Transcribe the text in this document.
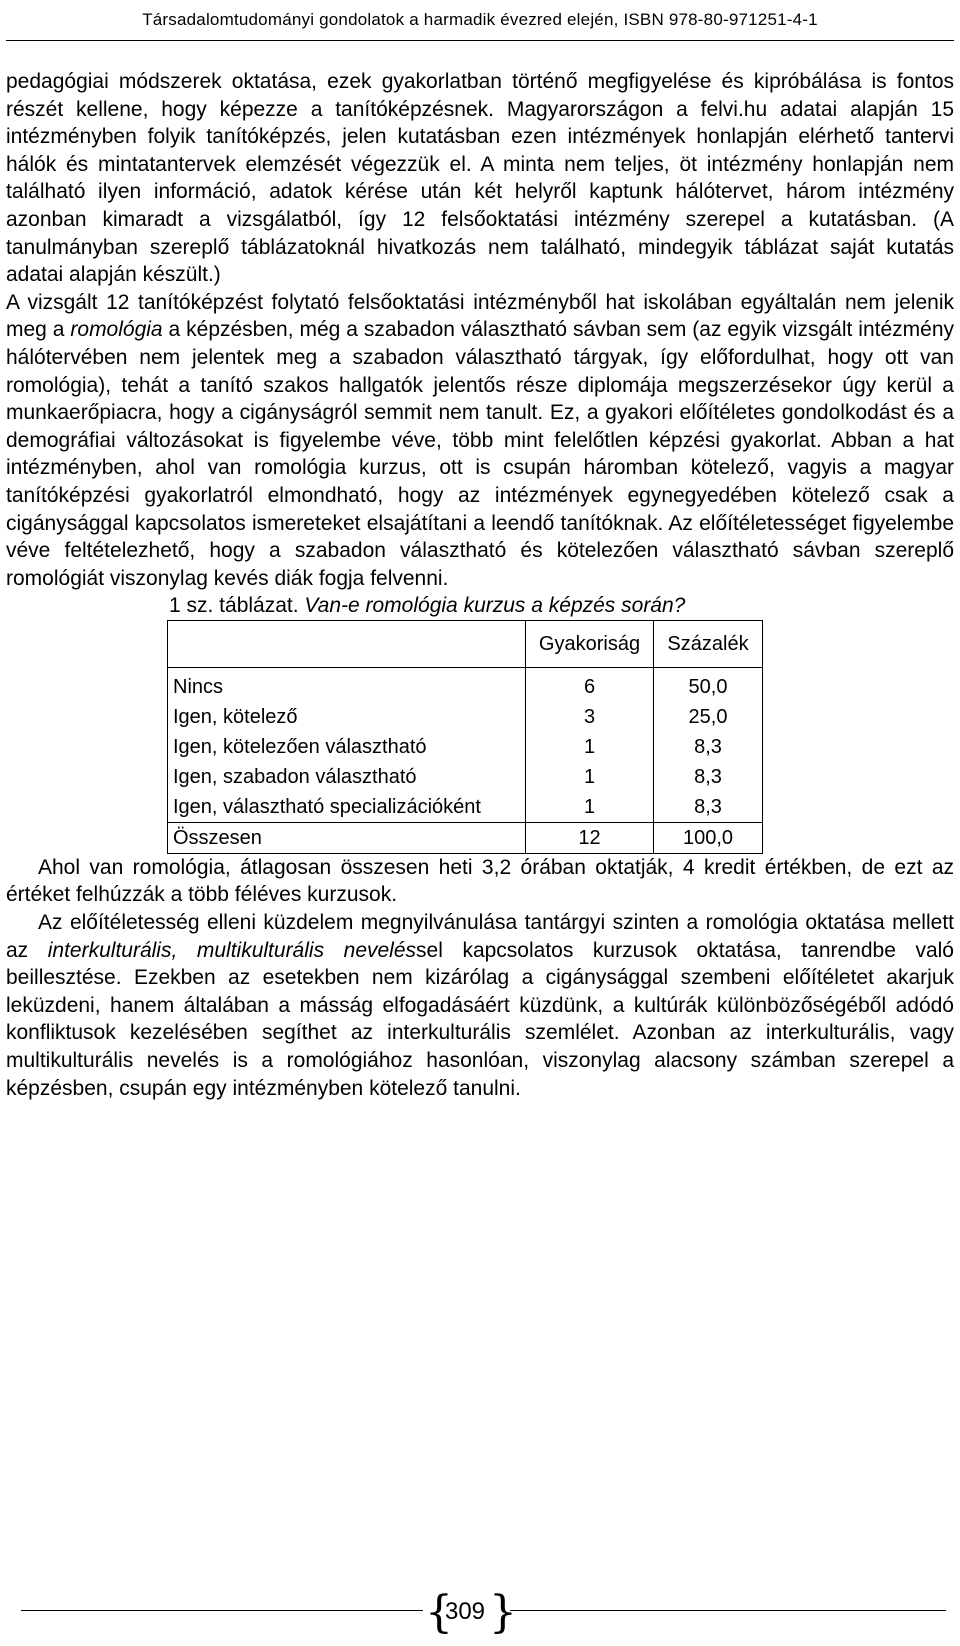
Társadalomtudományi gondolatok a harmadik évezred elején, ISBN 978-80-971251-4-1

pedagógiai módszerek oktatása, ezek gyakorlatban történő megfigyelése és kipróbálása is fontos részét kellene, hogy képezze a tanítóképzésnek. Magyarországon a felvi.hu adatai alapján 15 intézményben folyik tanítóképzés, jelen kutatásban ezen intézmények honlapján elérhető tantervi hálók és mintatantervek elemzését végezzük el. A minta nem teljes, öt intézmény honlapján nem található ilyen információ, adatok kérése után két helyről kaptunk hálótervet, három intézmény azonban kimaradt a vizsgálatból, így 12 felsőoktatási intézmény szerepel a kutatásban. (A tanulmányban szereplő táblázatoknál hivatkozás nem található, mindegyik táblázat saját kutatás adatai alapján készült.)

A vizsgált 12 tanítóképzést folytató felsőoktatási intézményből hat iskolában egyáltalán nem jelenik meg a romológia a képzésben, még a szabadon választható sávban sem (az egyik vizsgált intézmény hálótervében nem jelentek meg a szabadon választható tárgyak, így előfordulhat, hogy ott van romológia), tehát a tanító szakos hallgatók jelentős része diplomája megszerzésekor úgy kerül a munkaerőpiacra, hogy a cigányságról semmit nem tanult. Ez, a gyakori előítéletes gondolkodást és a demográfiai változásokat is figyelembe véve, több mint felelőtlen képzési gyakorlat. Abban a hat intézményben, ahol van romológia kurzus, ott is csupán háromban kötelező, vagyis a magyar tanítóképzési gyakorlatról elmondható, hogy az intézmények egynegyedében kötelező csak a cigánysággal kapcsolatos ismereteket elsajátítani a leendő tanítóknak. Az előítéletességet figyelembe véve feltételezhető, hogy a szabadon választható és kötelezően választható sávban szereplő romológiát viszonylag kevés diák fogja felvenni.

1 sz. táblázat. Van-e romológia kurzus a képzés során?

	Gyakoriság	Százalék
Nincs	6	50,0
Igen, kötelező	3	25,0
Igen, kötelezően választható	1	8,3
Igen, szabadon választható	1	8,3
Igen, választható specializációként	1	8,3
Összesen	12	100,0

Ahol van romológia, átlagosan összesen heti 3,2 órában oktatják, 4 kredit értékben, de ezt az értéket felhúzzák a több féléves kurzusok.

Az előítéletesség elleni küzdelem megnyilvánulása tantárgyi szinten a romológia oktatása mellett az interkulturális, multikulturális neveléssel kapcsolatos kurzusok oktatása, tanrendbe való beillesztése. Ezekben az esetekben nem kizárólag a cigánysággal szembeni előítéletet akarjuk leküzdeni, hanem általában a másság elfogadásáért küzdünk, a kultúrák különbözőségéből adódó konfliktusok kezelésében segíthet az interkulturális szemlélet. Azonban az interkulturális, vagy multikulturális nevelés is a romológiához hasonlóan, viszonylag alacsony számban szerepel a képzésben, csupán egy intézményben kötelező tanulni.

{
309 }
